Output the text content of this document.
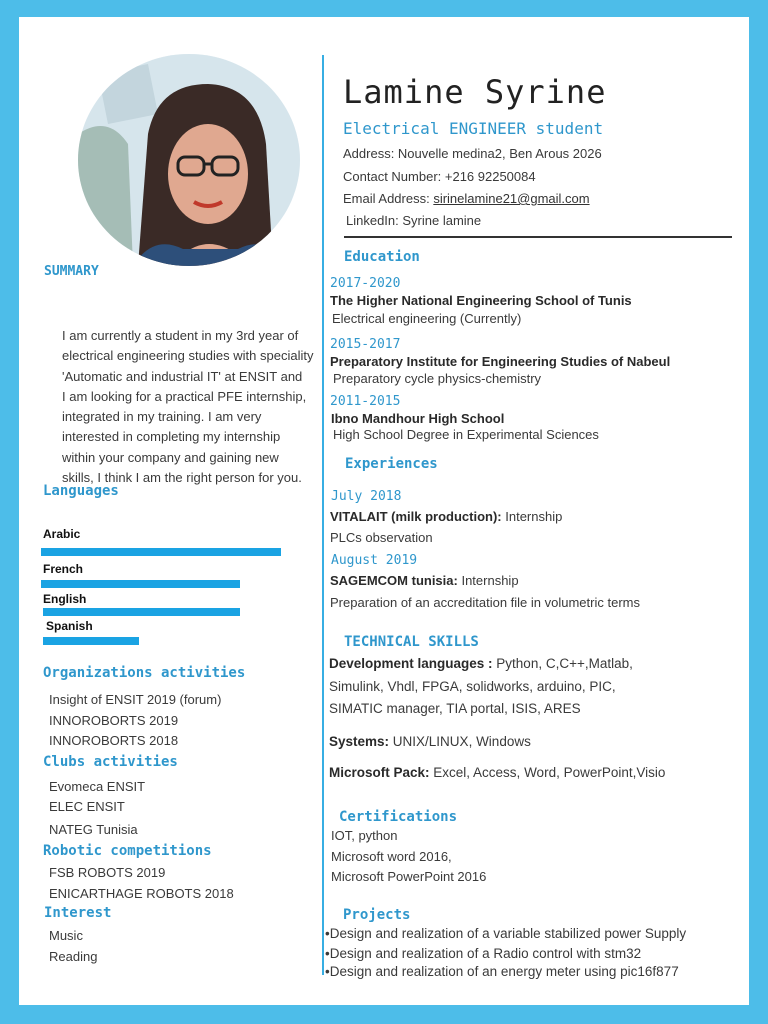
SUMMARY
I am currently a student in my 3rd year of
electrical engineering studies with speciality
'Automatic and industrial IT' at ENSIT and
I am looking for a practical PFE internship,
integrated in my training. I am very
interested in completing my internship
within your company and gaining new
skills, I think I am the right person for you.
Languages
Arabic
French
English
Spanish
Organizations activities
Insight of ENSIT 2019 (forum)
INNOROBORTS 2019
INNOROBORTS 2018
Clubs activities
Evomeca ENSIT
ELEC ENSIT
NATEG Tunisia
Robotic competitions
FSB ROBOTS 2019
ENICARTHAGE ROBOTS 2018
Interest
Music
Reading
Lamine Syrine
Electrical ENGINEER student
Address: Nouvelle medina2, Ben Arous 2026
Contact Number: +216 92250084
Email Address: sirinelamine21@gmail.com
LinkedIn: Syrine lamine
Education
2017-2020
The Higher National Engineering School of Tunis
Electrical engineering (Currently)
2015-2017
Preparatory Institute for Engineering Studies of Nabeul
Preparatory cycle physics-chemistry
2011-2015
Ibno Mandhour High School
High School Degree in Experimental Sciences
Experiences
July 2018
VITALAIT (milk production): Internship
PLCs observation
August 2019
SAGEMCOM tunisia: Internship
Preparation of an accreditation file in volumetric terms
TECHNICAL SKILLS
Development languages : Python, C,C++,Matlab,
Simulink, Vhdl, FPGA, solidworks, arduino, PIC,
SIMATIC manager, TIA portal, ISIS, ARES
Systems: UNIX/LINUX, Windows
Microsoft Pack: Excel, Access, Word, PowerPoint,Visio
Certifications
IOT, python
Microsoft word 2016,
Microsoft PowerPoint 2016
Projects
•Design and realization of a variable stabilized power Supply
•Design and realization of a Radio control with stm32
•Design and realization of an energy meter using pic16f877
